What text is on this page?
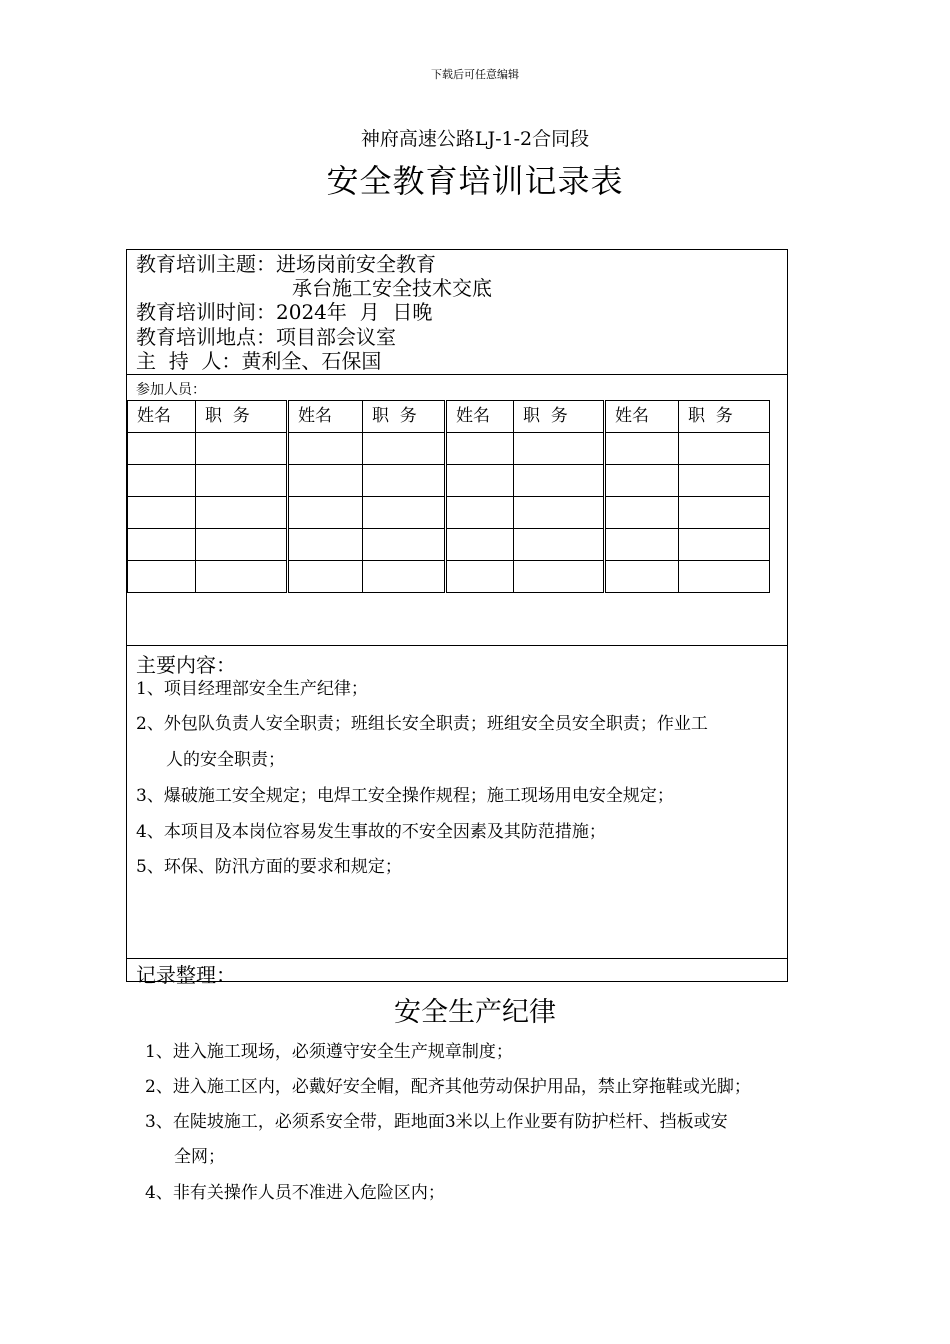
下载后可任意编辑
神府高速公路LJ-1-2合同段
安全教育培训记录表
教育培训主题：进场岗前安全教育
承台施工安全技术交底
教育培训时间：2024年  月  日晚
教育培训地点：项目部会议室
主  持  人：黄利全、石保国
参加人员：
姓名	职  务		姓名	职  务		姓名	职  务		姓名	职  务

主要内容：
1、项目经理部安全生产纪律；
2、外包队负责人安全职责；班组长安全职责；班组安全员安全职责；作业工
人的安全职责；
3、爆破施工安全规定；电焊工安全操作规程；施工现场用电安全规定；
4、本项目及本岗位容易发生事故的不安全因素及其防范措施；
5、环保、防汛方面的要求和规定；
记录整理：
安全生产纪律
1、进入施工现场，必须遵守安全生产规章制度；
2、进入施工区内，必戴好安全帽，配齐其他劳动保护用品，禁止穿拖鞋或光脚；
3、在陡坡施工，必须系安全带，距地面3米以上作业要有防护栏杆、挡板或安
全网；
4、非有关操作人员不准进入危险区内；
